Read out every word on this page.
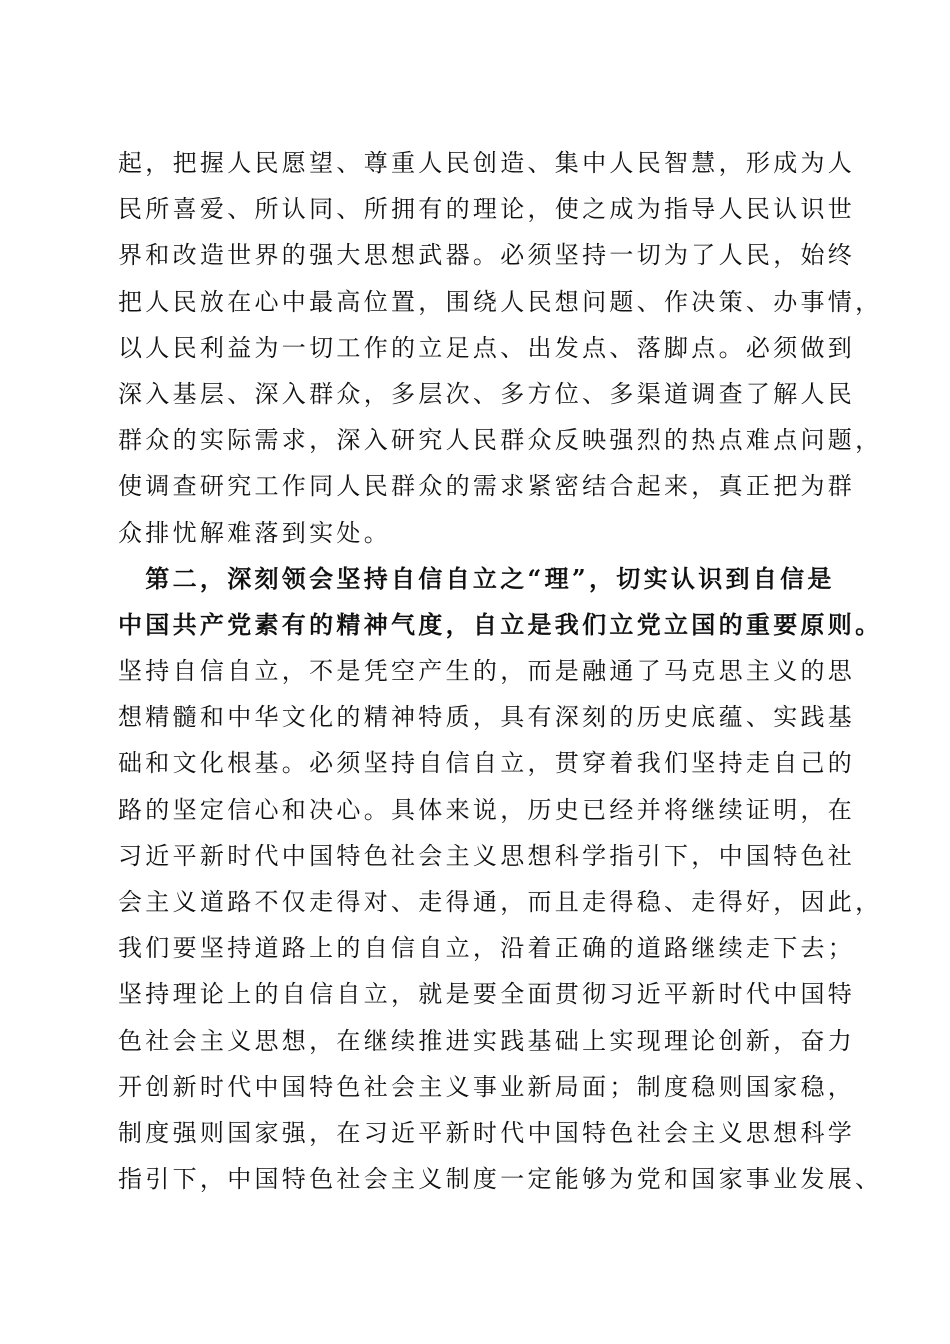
起，把握人民愿望、尊重人民创造、集中人民智慧，形成为人
民所喜爱、所认同、所拥有的理论，使之成为指导人民认识世
界和改造世界的强大思想武器。必须坚持一切为了人民，始终
把人民放在心中最高位置，围绕人民想问题、作决策、办事情，
以人民利益为一切工作的立足点、出发点、落脚点。必须做到
深入基层、深入群众，多层次、多方位、多渠道调查了解人民
群众的实际需求，深入研究人民群众反映强烈的热点难点问题，
使调查研究工作同人民群众的需求紧密结合起来，真正把为群
众排忧解难落到实处。
　第二，深刻领会坚持自信自立之“理”，切实认识到自信是
中国共产党素有的精神气度，自立是我们立党立国的重要原则。
坚持自信自立，不是凭空产生的，而是融通了马克思主义的思
想精髓和中华文化的精神特质，具有深刻的历史底蕴、实践基
础和文化根基。必须坚持自信自立，贯穿着我们坚持走自己的
路的坚定信心和决心。具体来说，历史已经并将继续证明，在
习近平新时代中国特色社会主义思想科学指引下，中国特色社
会主义道路不仅走得对、走得通，而且走得稳、走得好，因此，
我们要坚持道路上的自信自立，沿着正确的道路继续走下去；
坚持理论上的自信自立，就是要全面贯彻习近平新时代中国特
色社会主义思想，在继续推进实践基础上实现理论创新，奋力
开创新时代中国特色社会主义事业新局面；制度稳则国家稳，
制度强则国家强，在习近平新时代中国特色社会主义思想科学
指引下，中国特色社会主义制度一定能够为党和国家事业发展、
